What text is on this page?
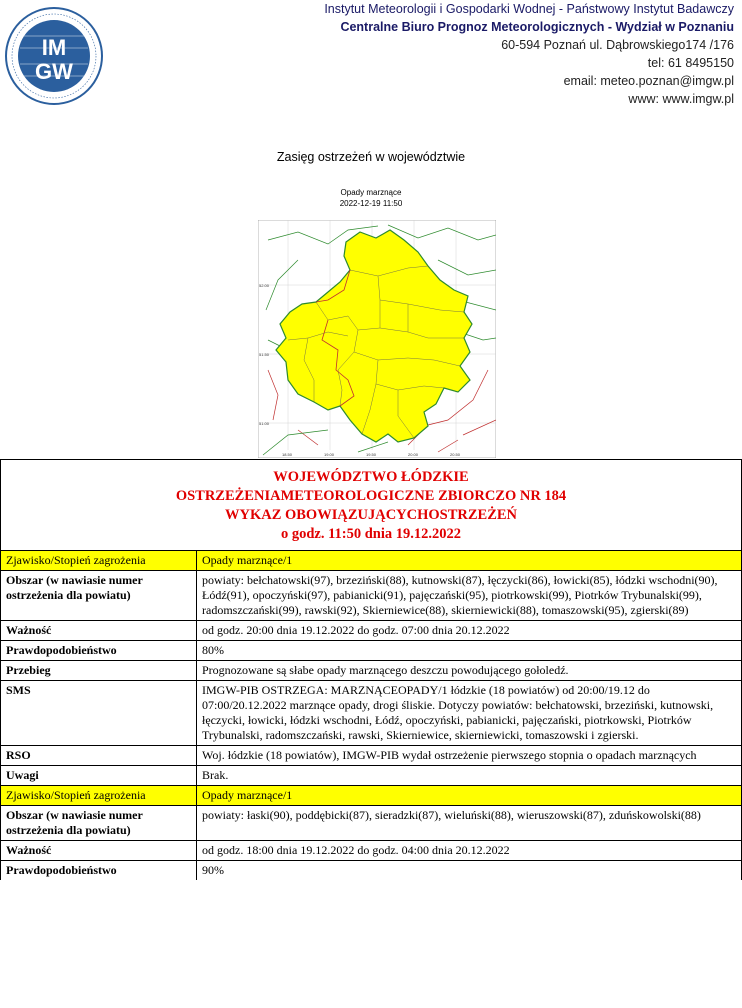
IM
GW
Instytut Meteorologii i Gospodarki Wodnej - Państwowy Instytut Badawczy
Centralne Biuro Prognoz Meteorologicznych - Wydział w Poznaniu
60-594 Poznań ul. Dąbrowskiego174 /176
tel: 61 8495150
email: meteo.poznan@imgw.pl
www: www.imgw.pl
Zasięg ostrzeżeń w województwie
Opady marznące
2022-12-19 11:50
52.00
51.50
51.00
18.50	19.00	19.50	20.00	20.50
WOJEWÓDZTWO ŁÓDZKIE
OSTRZEŻENIAMETEOROLOGICZNE ZBIORCZO NR 184
WYKAZ OBOWIĄZUJĄCYCHOSTRZEŻEŃ
o godz. 11:50 dnia 19.12.2022
Zjawisko/Stopień zagrożenia	Opady marznące/1
Obszar (w nawiasie numer ostrzeżenia dla powiatu)	powiaty: bełchatowski(97), brzeziński(88), kutnowski(87), łęczycki(86), łowicki(85), łódzki wschodni(90), Łódź(91), opoczyński(97), pabianicki(91), pajęczański(95), piotrkowski(99), Piotrków Trybunalski(99), radomszczański(99), rawski(92), Skierniewice(88), skierniewicki(88), tomaszowski(95), zgierski(89)
Ważność	od godz. 20:00 dnia 19.12.2022 do godz. 07:00 dnia 20.12.2022
Prawdopodobieństwo	80%
Przebieg	Prognozowane są słabe opady marznącego deszczu powodującego gołoledź.
SMS	IMGW-PIB OSTRZEGA: MARZNĄCEOPADY/1 łódzkie (18 powiatów) od 20:00/19.12 do 07:00/20.12.2022 marznące opady, drogi śliskie. Dotyczy powiatów: bełchatowski, brzeziński, kutnowski, łęczycki, łowicki, łódzki wschodni, Łódź, opoczyński, pabianicki, pajęczański, piotrkowski, Piotrków Trybunalski, radomszczański, rawski, Skierniewice, skierniewicki, tomaszowski i zgierski.
RSO	Woj. łódzkie (18 powiatów), IMGW-PIB wydał ostrzeżenie pierwszego stopnia o opadach marznących
Uwagi	Brak.
Zjawisko/Stopień zagrożenia	Opady marznące/1
Obszar (w nawiasie numer ostrzeżenia dla powiatu)	powiaty: łaski(90), poddębicki(87), sieradzki(87), wieluński(88), wieruszowski(87), zduńskowolski(88)
Ważność	od godz. 18:00 dnia 19.12.2022 do godz. 04:00 dnia 20.12.2022
Prawdopodobieństwo	90%
